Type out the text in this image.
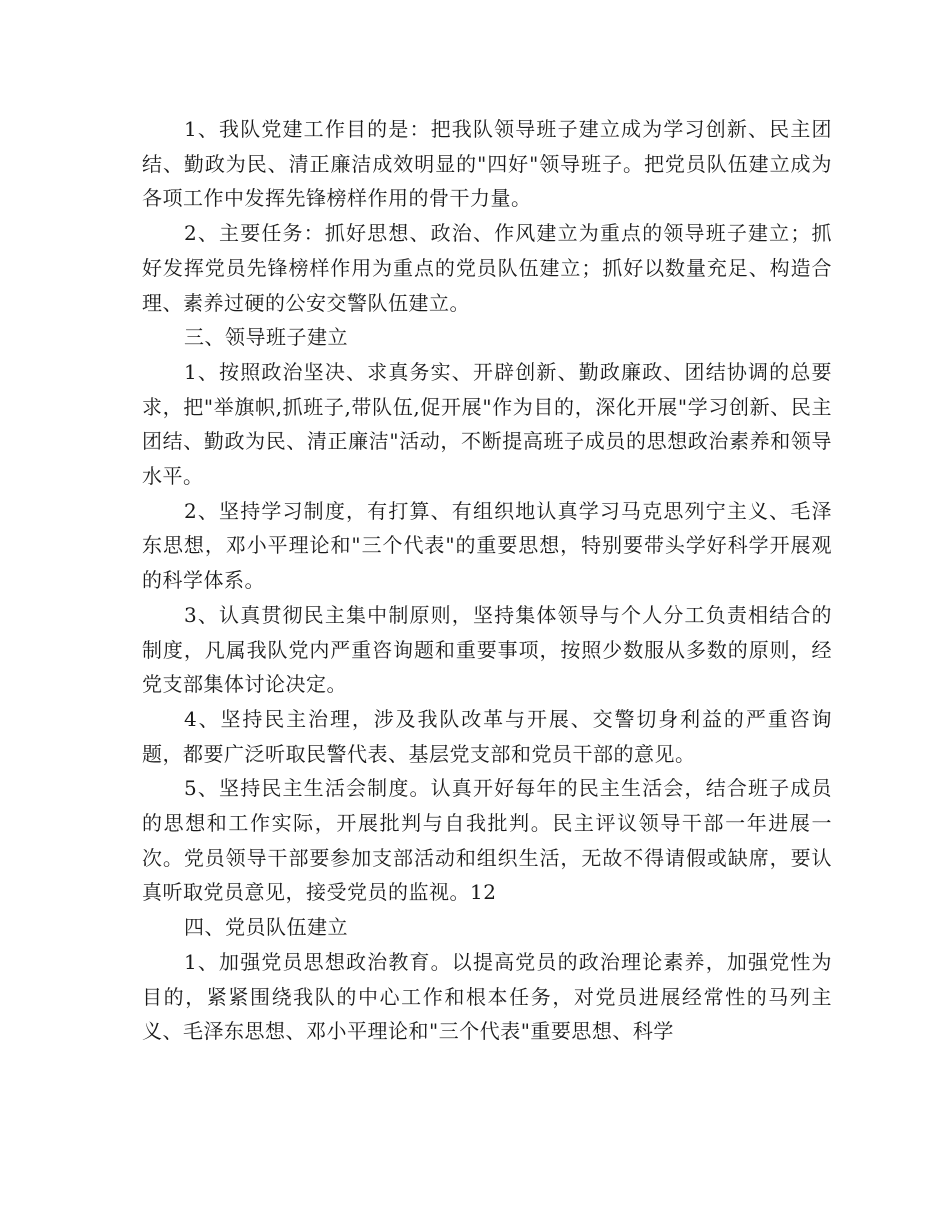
1、我队党建工作目的是：把我队领导班子建立成为学习创新、民主团结、勤政为民、清正廉洁成效明显的"四好"领导班子。把党员队伍建立成为各项工作中发挥先锋榜样作用的骨干力量。

2、主要任务：抓好思想、政治、作风建立为重点的领导班子建立；抓好发挥党员先锋榜样作用为重点的党员队伍建立；抓好以数量充足、构造合理、素养过硬的公安交警队伍建立。

三、领导班子建立

1、按照政治坚决、求真务实、开辟创新、勤政廉政、团结协调的总要求，把"举旗帜,抓班子,带队伍,促开展"作为目的，深化开展"学习创新、民主团结、勤政为民、清正廉洁"活动，不断提高班子成员的思想政治素养和领导水平。

2、坚持学习制度，有打算、有组织地认真学习马克思列宁主义、毛泽东思想，邓小平理论和"三个代表"的重要思想，特别要带头学好科学开展观的科学体系。

3、认真贯彻民主集中制原则，坚持集体领导与个人分工负责相结合的制度，凡属我队党内严重咨询题和重要事项，按照少数服从多数的原则，经党支部集体讨论决定。

4、坚持民主治理，涉及我队改革与开展、交警切身利益的严重咨询题，都要广泛听取民警代表、基层党支部和党员干部的意见。

5、坚持民主生活会制度。认真开好每年的民主生活会，结合班子成员的思想和工作实际，开展批判与自我批判。民主评议领导干部一年进展一次。党员领导干部要参加支部活动和组织生活，无故不得请假或缺席，要认真听取党员意见，接受党员的监视。12

四、党员队伍建立

1、加强党员思想政治教育。以提高党员的政治理论素养，加强党性为目的，紧紧围绕我队的中心工作和根本任务，对党员进展经常性的马列主义、毛泽东思想、邓小平理论和"三个代表"重要思想、科学
